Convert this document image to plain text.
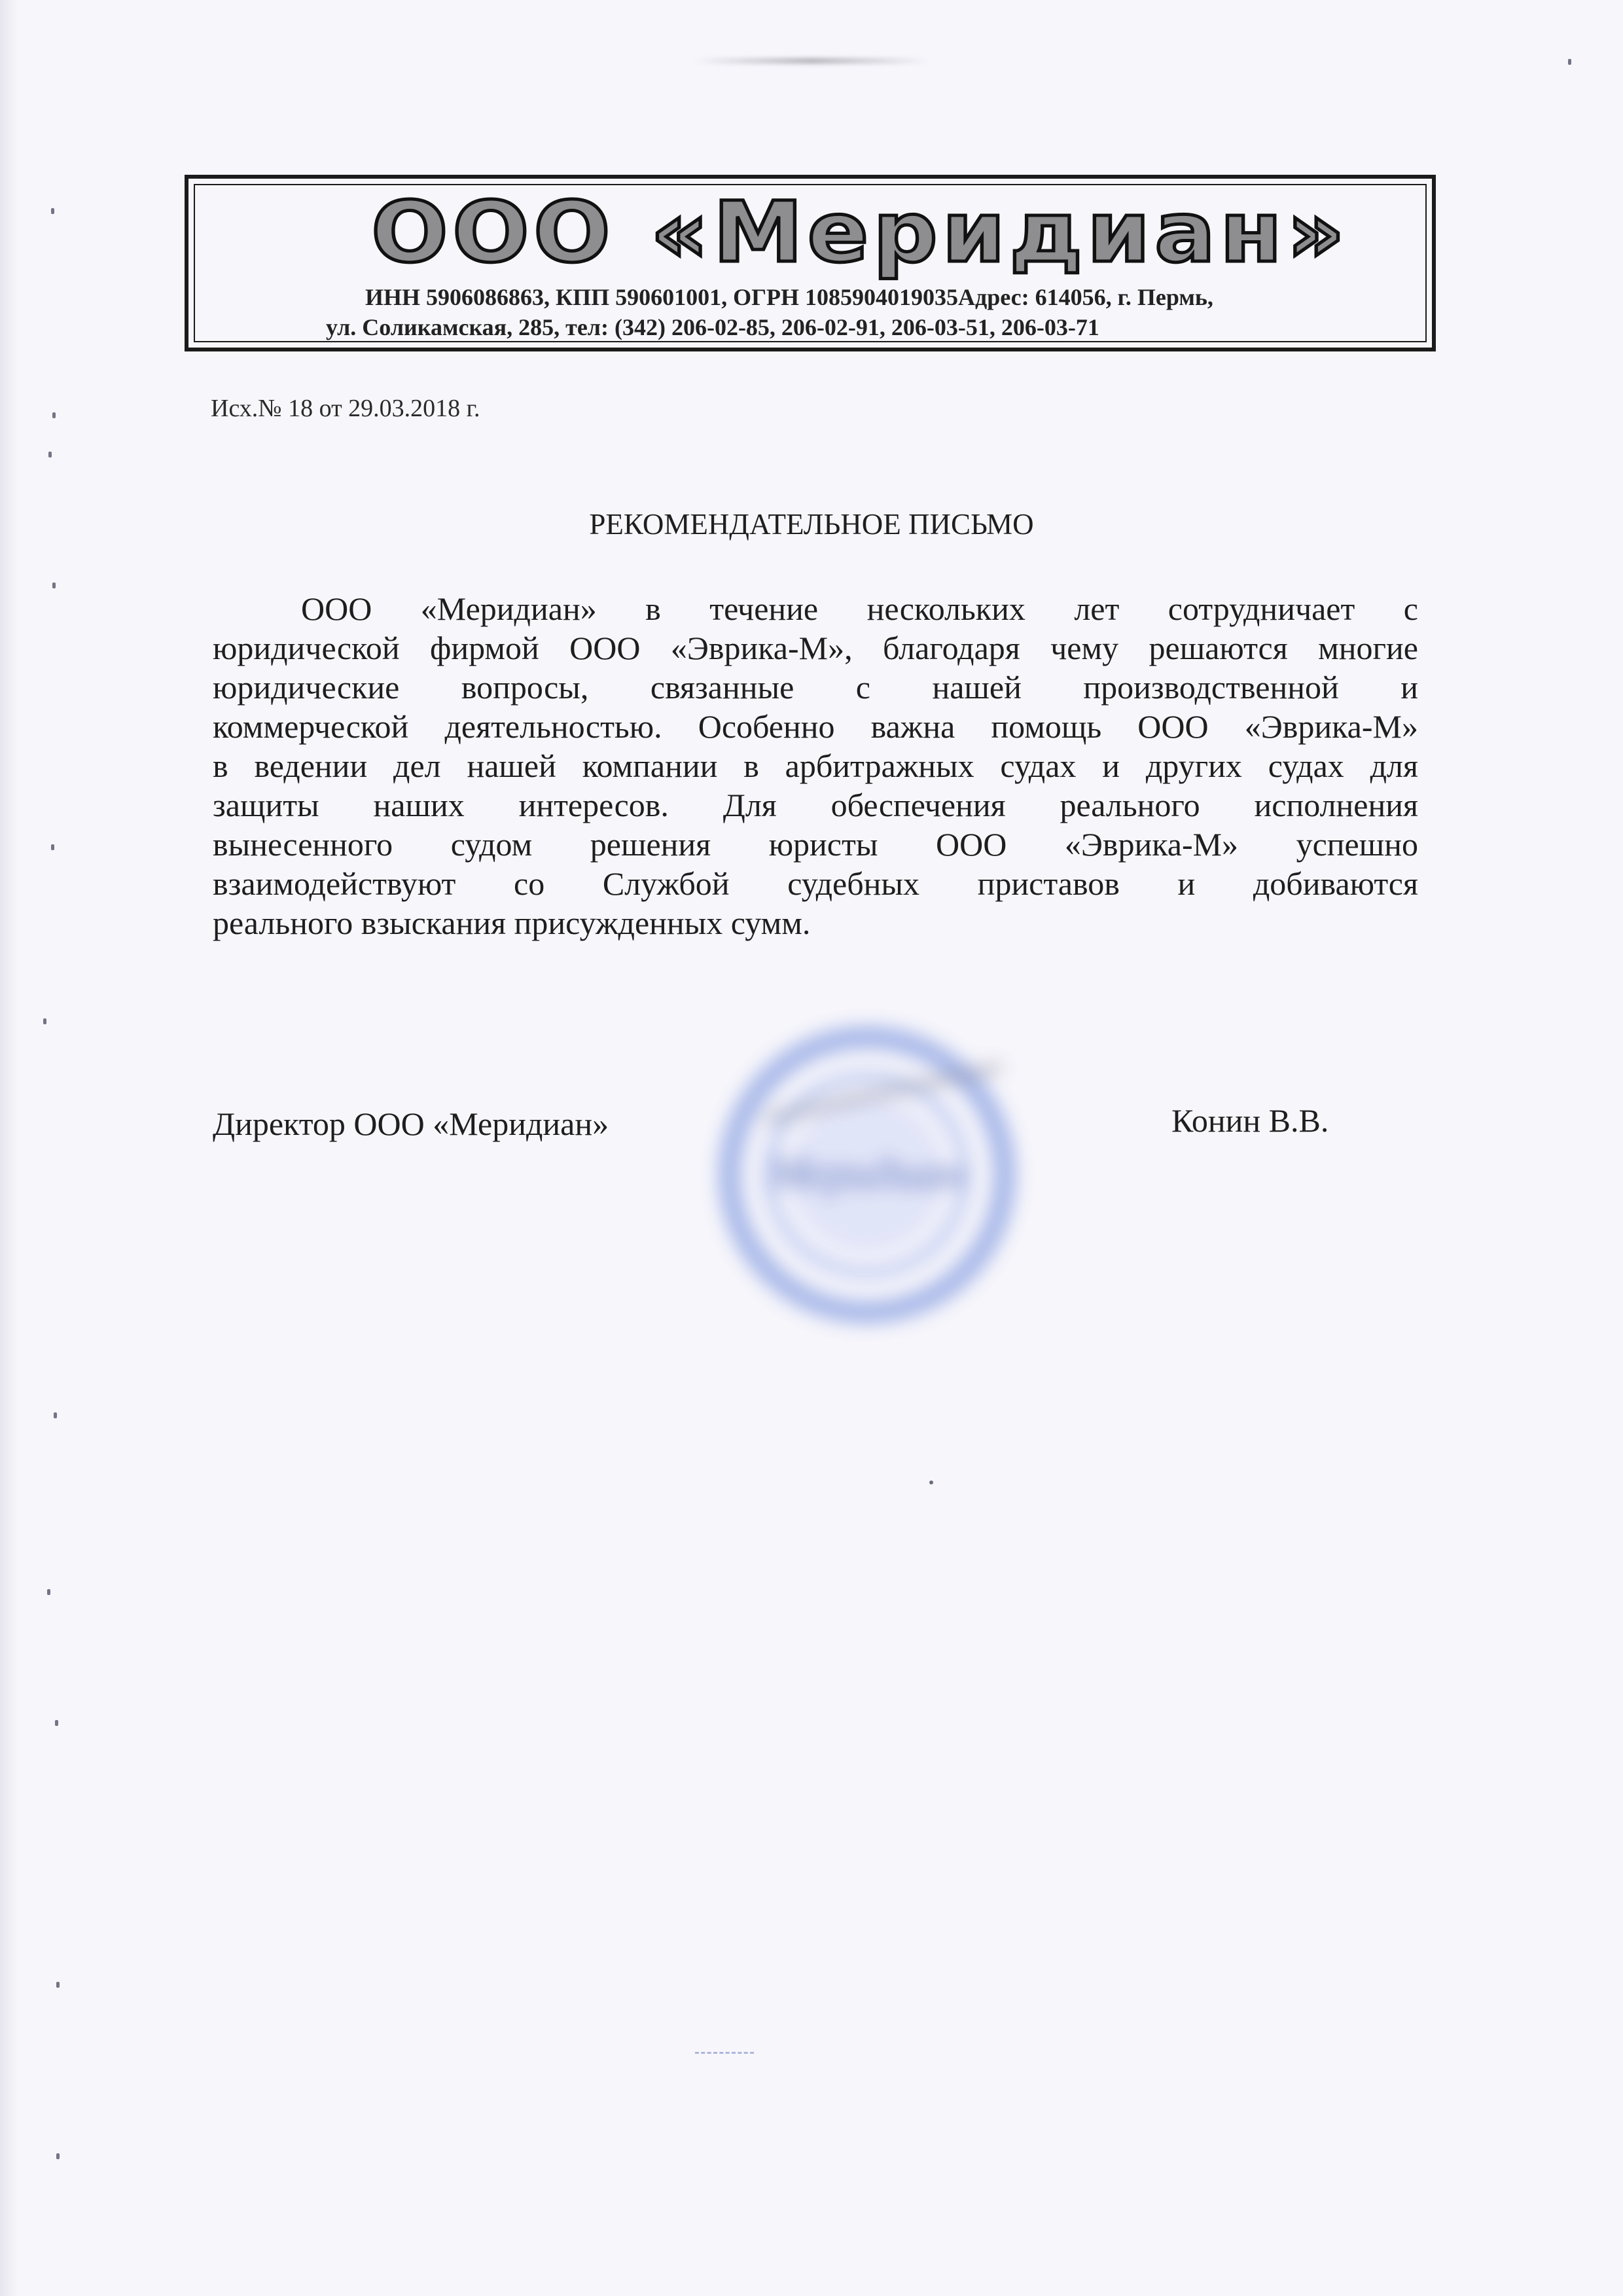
ООО «Меридиан»
ИНН 5906086863, КПП 590601001, ОГРН 1085904019035Адрес: 614056, г. Пермь,
ул. Соликамская, 285, тел: (342) 206-02-85, 206-02-91, 206-03-51, 206-03-71
Исх.№ 18 от 29.03.2018 г.
РЕКОМЕНДАТЕЛЬНОЕ ПИСЬМО
ООО «Меридиан» в течение нескольких лет сотрудничает с
юридической фирмой ООО «Эврика-М», благодаря чему решаются многие
юридические вопросы, связанные с нашей производственной и
коммерческой деятельностью. Особенно важна помощь ООО «Эврика-М»
в ведении дел нашей компании в арбитражных судах и других судах для
защиты наших интересов. Для обеспечения реального исполнения
вынесенного судом решения юристы ООО «Эврика-М» успешно
взаимодействуют со Службой судебных приставов и добиваются
реального взыскания присужденных сумм.
Меридиан
Директор ООО «Меридиан»	Конин В.В.
